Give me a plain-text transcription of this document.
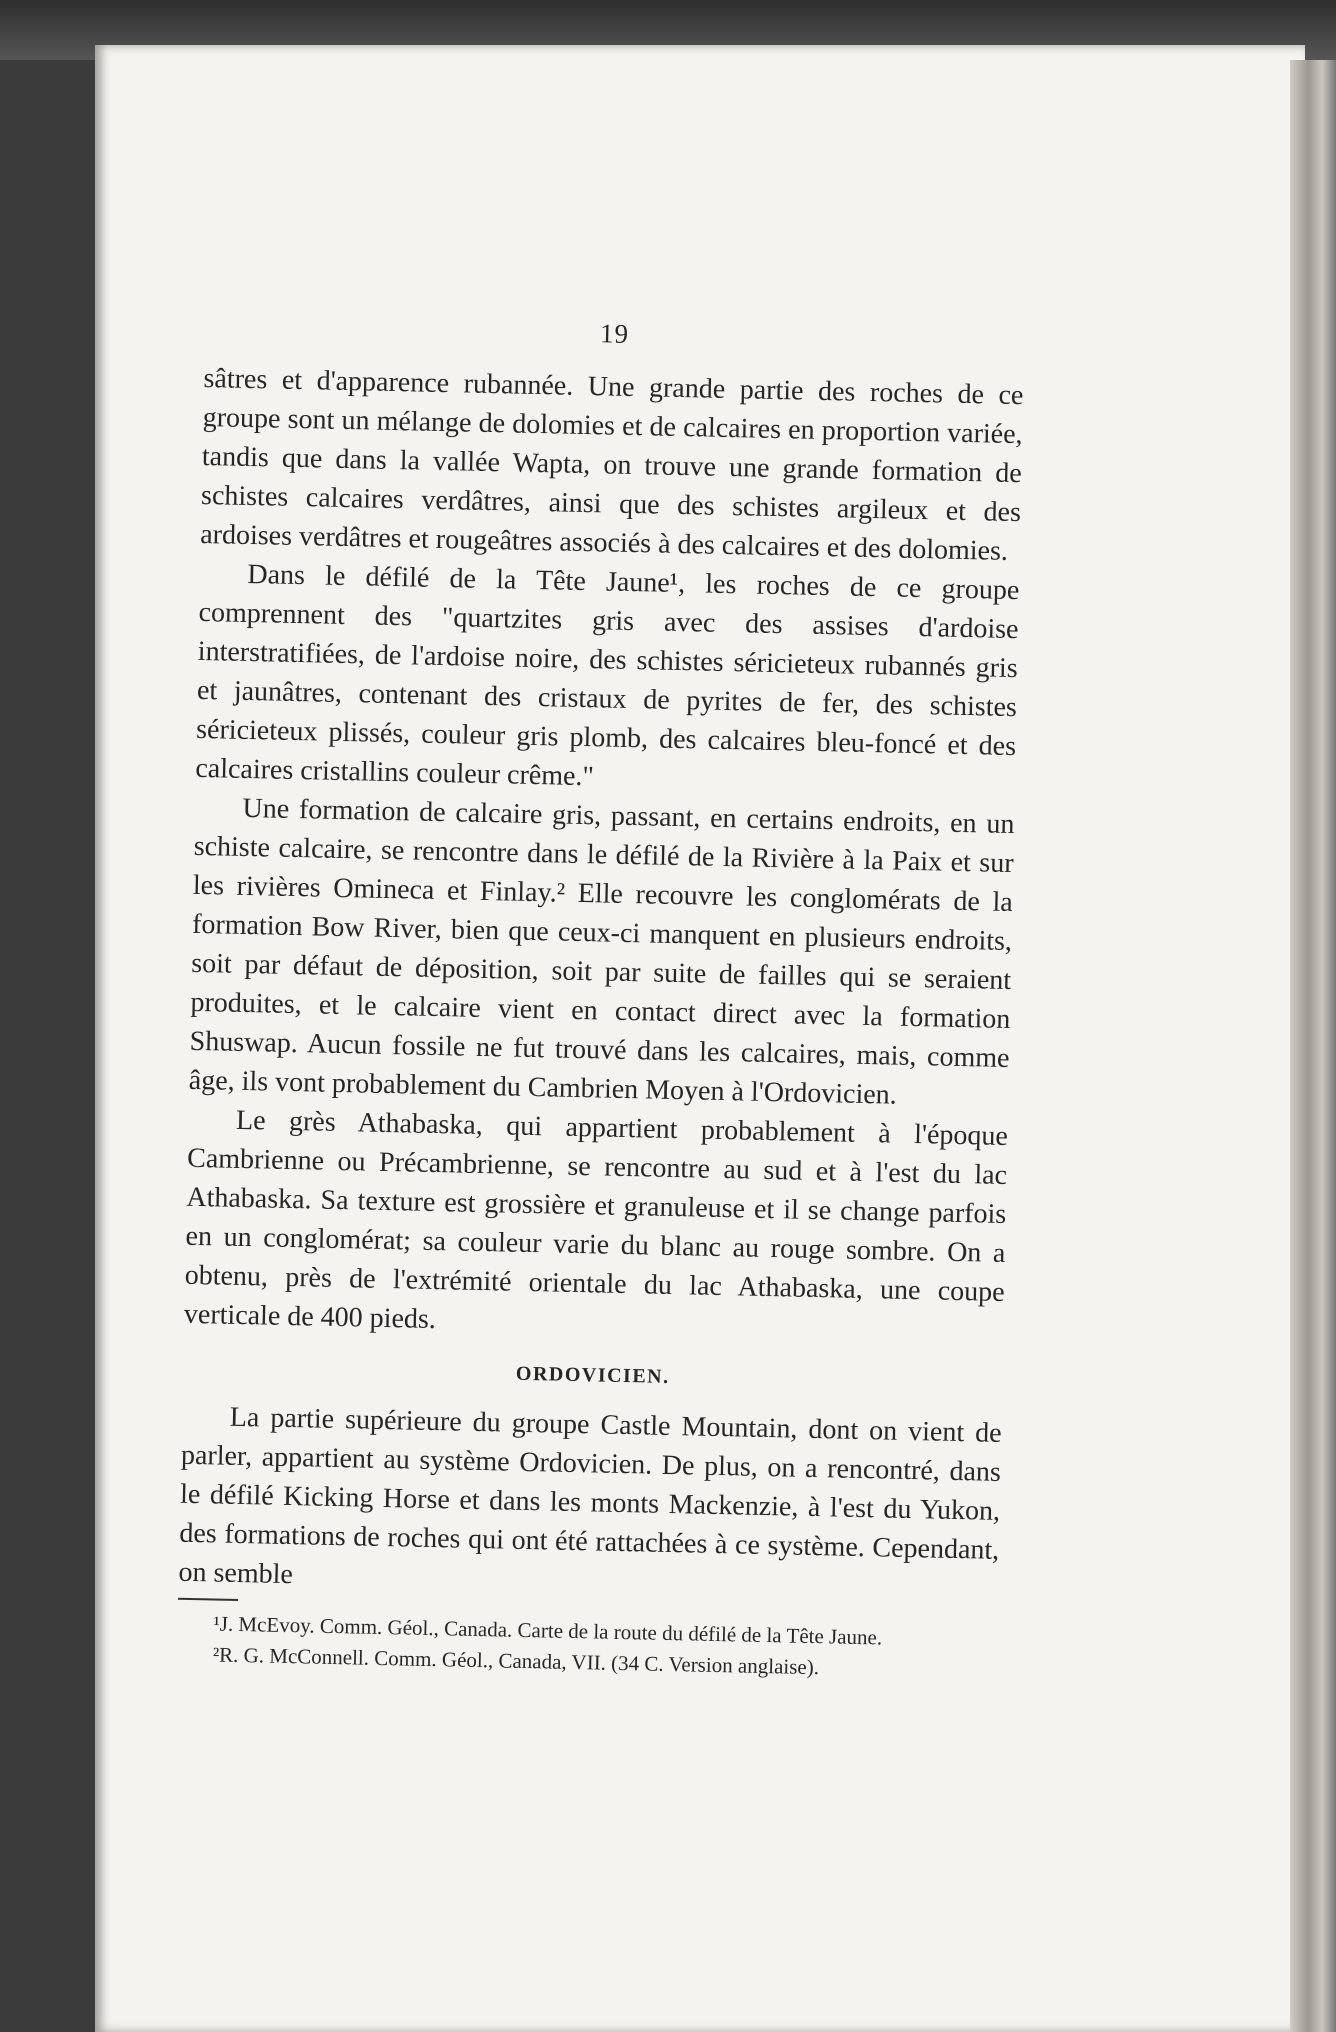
19

sâtres et d'apparence rubannée. Une grande partie des roches de ce groupe sont un mélange de dolomies et de calcaires en proportion variée, tandis que dans la vallée Wapta, on trouve une grande formation de schistes calcaires verdâtres, ainsi que des schistes argileux et des ardoises verdâtres et rougeâtres associés à des calcaires et des dolomies.

Dans le défilé de la Tête Jaune¹, les roches de ce groupe comprennent des "quartzites gris avec des assises d'ardoise interstratifiées, de l'ardoise noire, des schistes séricieteux rubannés gris et jaunâtres, contenant des cristaux de pyrites de fer, des schistes séricieteux plissés, couleur gris plomb, des calcaires bleu-foncé et des calcaires cristallins couleur crême."

Une formation de calcaire gris, passant, en certains endroits, en un schiste calcaire, se rencontre dans le défilé de la Rivière à la Paix et sur les rivières Omineca et Finlay.² Elle recouvre les conglomérats de la formation Bow River, bien que ceux-ci manquent en plusieurs endroits, soit par défaut de déposition, soit par suite de failles qui se seraient produites, et le calcaire vient en contact direct avec la formation Shuswap. Aucun fossile ne fut trouvé dans les calcaires, mais, comme âge, ils vont probablement du Cambrien Moyen à l'Ordovicien.

Le grès Athabaska, qui appartient probablement à l'époque Cambrienne ou Précambrienne, se rencontre au sud et à l'est du lac Athabaska. Sa texture est grossière et granuleuse et il se change parfois en un conglomérat; sa couleur varie du blanc au rouge sombre. On a obtenu, près de l'extrémité orientale du lac Athabaska, une coupe verticale de 400 pieds.

ORDOVICIEN.

La partie supérieure du groupe Castle Mountain, dont on vient de parler, appartient au système Ordovicien. De plus, on a rencontré, dans le défilé Kicking Horse et dans les monts Mackenzie, à l'est du Yukon, des formations de roches qui ont été rattachées à ce système. Cependant, on semble

¹J. McEvoy. Comm. Géol., Canada. Carte de la route du défilé de la Tête Jaune.

²R. G. McConnell. Comm. Géol., Canada, VII. (34 C. Version anglaise).
